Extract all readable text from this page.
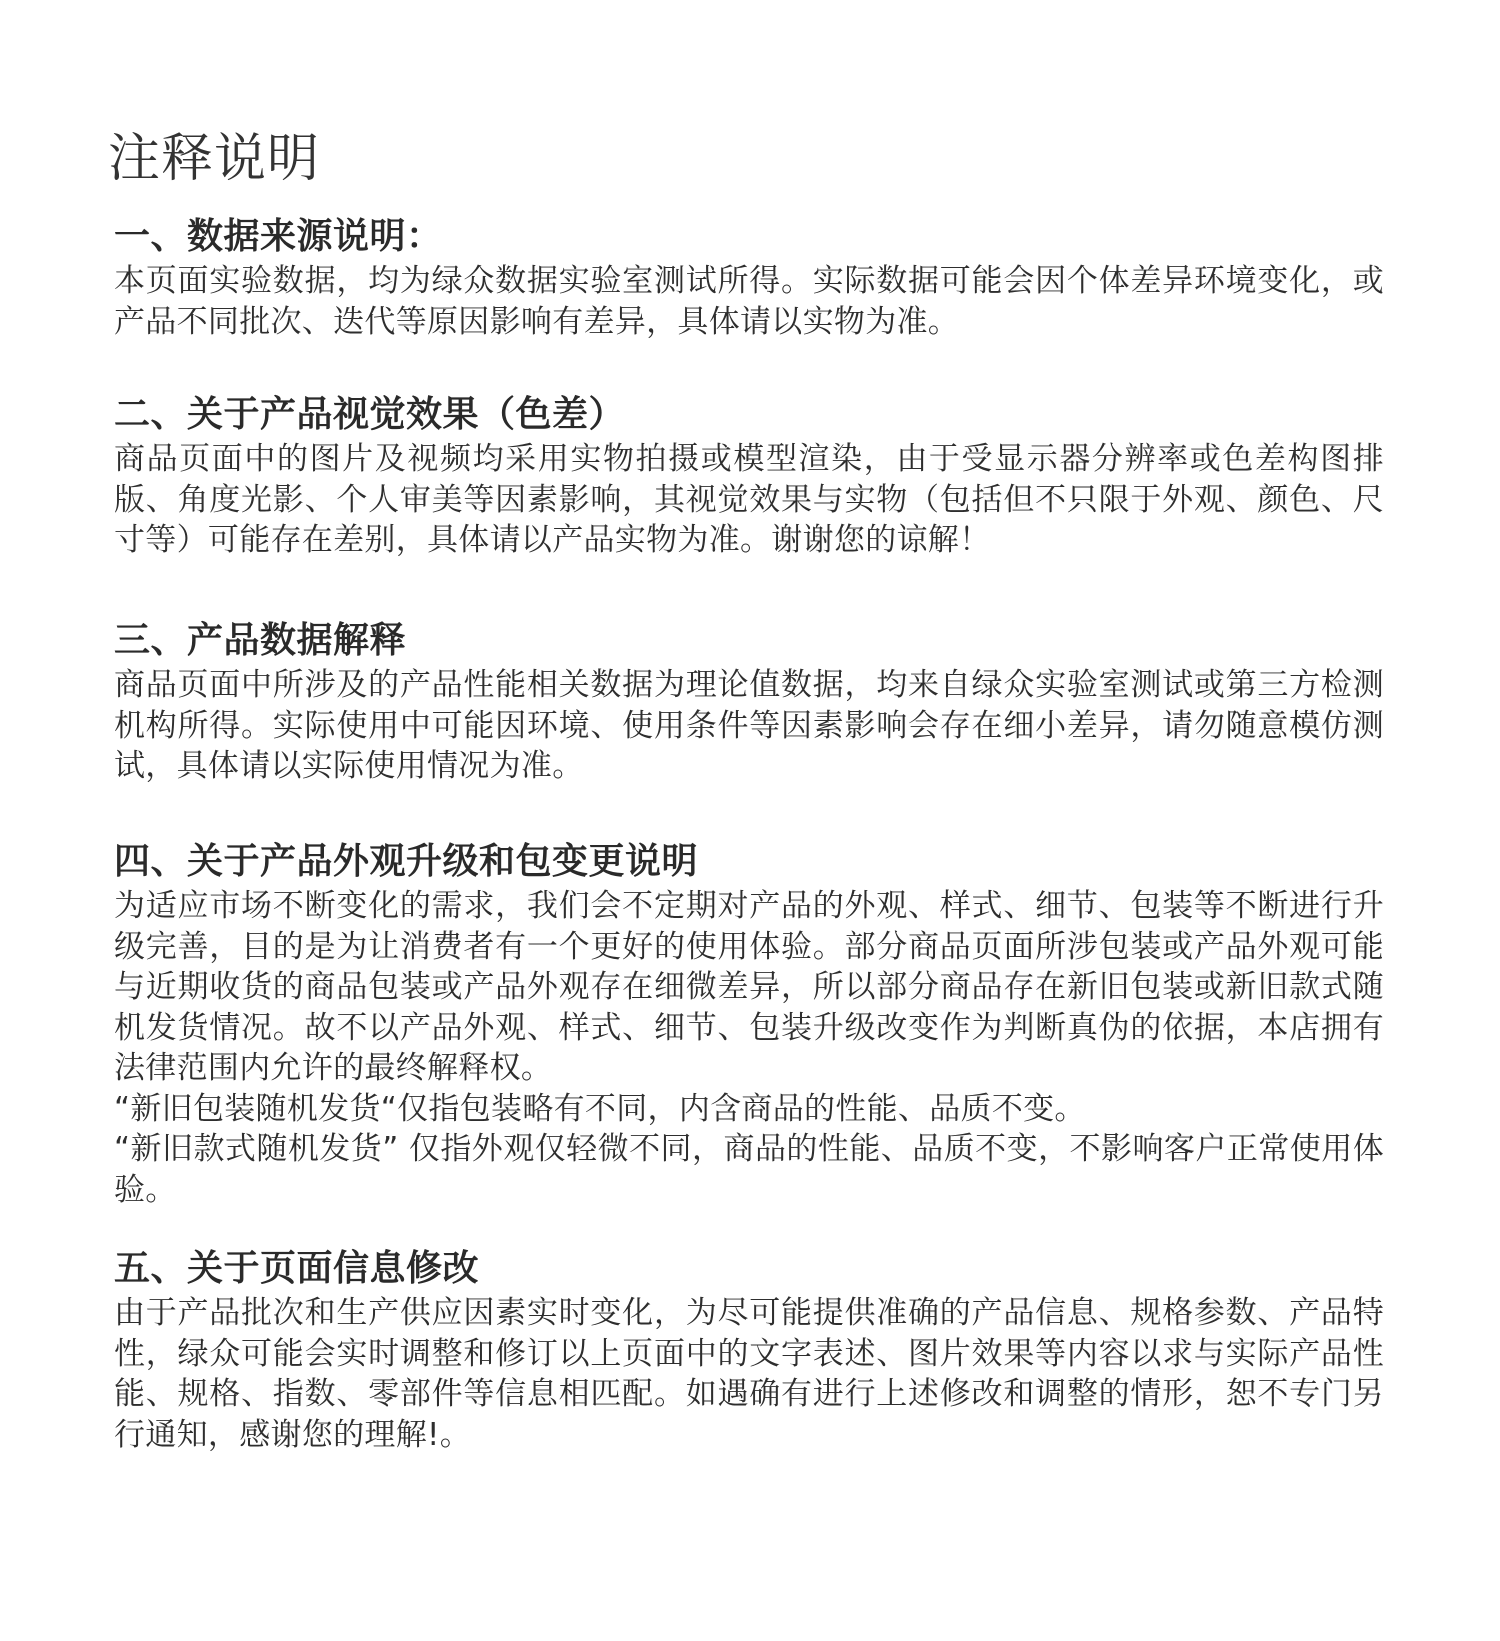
注释说明
一、数据来源说明：

本页面实验数据，均为绿众数据实验室测试所得。实际数据可能会因个体差异环境变化，或产品不同批次、迭代等原因影响有差异，具体请以实物为准。

二、关于产品视觉效果（色差）

商品页面中的图片及视频均采用实物拍摄或模型渲染，由于受显示器分辨率或色差构图排版、角度光影、个人审美等因素影响，其视觉效果与实物（包括但不只限于外观、颜色、尺寸等）可能存在差别，具体请以产品实物为准。谢谢您的谅解！

三、产品数据解释

商品页面中所涉及的产品性能相关数据为理论值数据，均来自绿众实验室测试或第三方检测机构所得。实际使用中可能因环境、使用条件等因素影响会存在细小差异，请勿随意模仿测试，具体请以实际使用情况为准。

四、关于产品外观升级和包变更说明

为适应市场不断变化的需求，我们会不定期对产品的外观、样式、细节、包装等不断进行升级完善，目的是为让消费者有一个更好的使用体验。部分商品页面所涉包装或产品外观可能与近期收货的商品包装或产品外观存在细微差异，所以部分商品存在新旧包装或新旧款式随机发货情况。故不以产品外观、样式、细节、包装升级改变作为判断真伪的依据，本店拥有法律范围内允许的最终解释权。
“新旧包装随机发货“仅指包装略有不同，内含商品的性能、品质不变。
“新旧款式随机发货” 仅指外观仅轻微不同，商品的性能、品质不变，不影响客户正常使用体验。

五、关于页面信息修改

由于产品批次和生产供应因素实时变化，为尽可能提供准确的产品信息、规格参数、产品特性，绿众可能会实时调整和修订以上页面中的文字表述、图片效果等内容以求与实际产品性能、规格、指数、零部件等信息相匹配。如遇确有进行上述修改和调整的情形，恕不专门另行通知，感谢您的理解!。
